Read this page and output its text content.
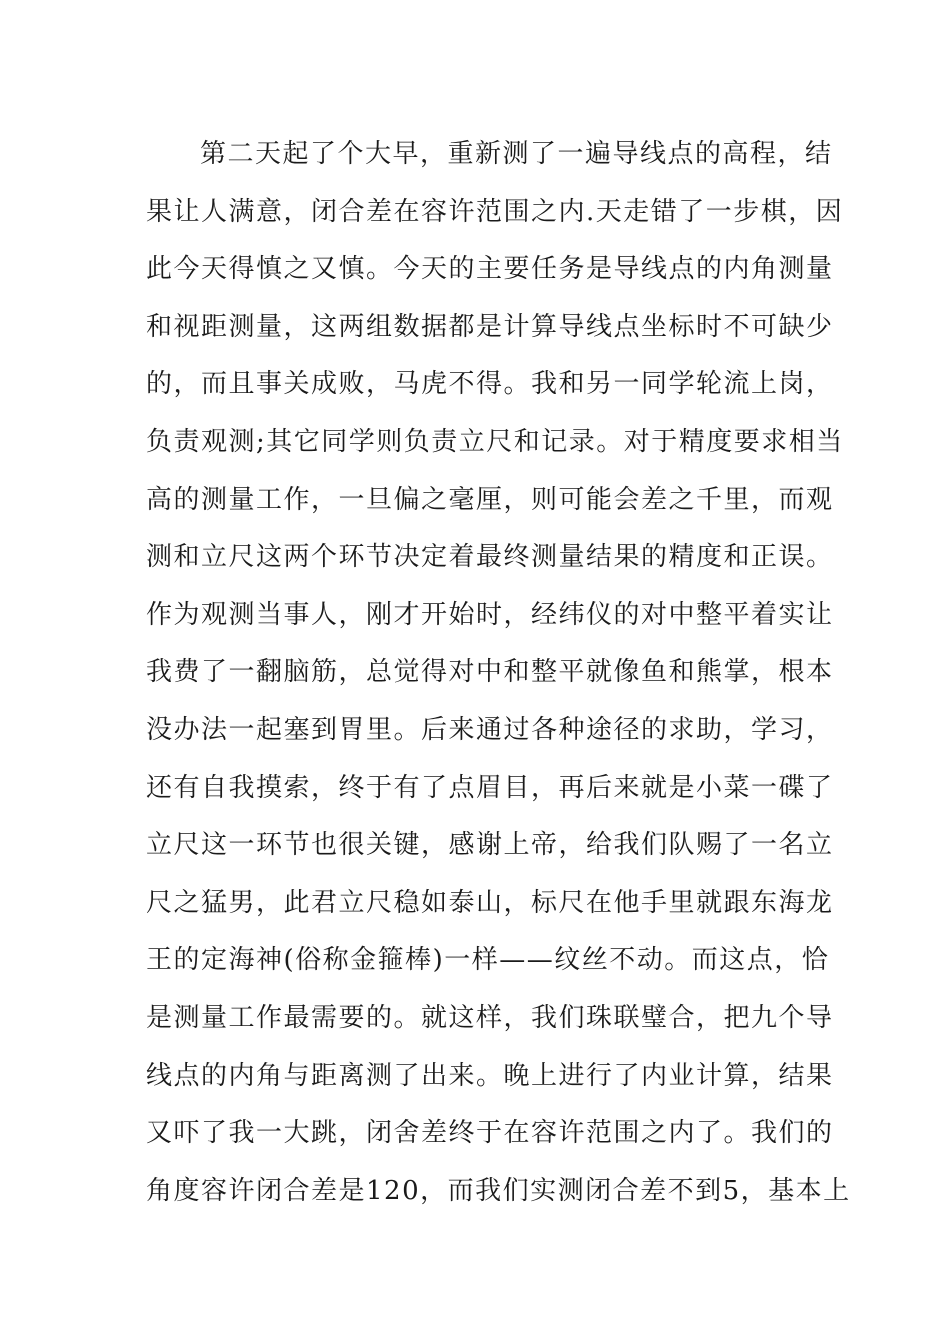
第二天起了个大早，重新测了一遍导线点的高程，结
果让人满意，闭合差在容许范围之内.天走错了一步棋，因
此今天得慎之又慎。今天的主要任务是导线点的内角测量
和视距测量，这两组数据都是计算导线点坐标时不可缺少
的，而且事关成败，马虎不得。我和另一同学轮流上岗，
负责观测;其它同学则负责立尺和记录。对于精度要求相当
高的测量工作，一旦偏之毫厘，则可能会差之千里，而观
测和立尺这两个环节决定着最终测量结果的精度和正误。
作为观测当事人，刚才开始时，经纬仪的对中整平着实让
我费了一翻脑筋，总觉得对中和整平就像鱼和熊掌，根本
没办法一起塞到胃里。后来通过各种途径的求助，学习，
还有自我摸索，终于有了点眉目，再后来就是小菜一碟了
立尺这一环节也很关键，感谢上帝，给我们队赐了一名立
尺之猛男，此君立尺稳如泰山，标尺在他手里就跟东海龙
王的定海神(俗称金箍棒)一样——纹丝不动。而这点，恰
是测量工作最需要的。就这样，我们珠联璧合，把九个导
线点的内角与距离测了出来。晚上进行了内业计算，结果
又吓了我一大跳，闭舍差终于在容许范围之内了。我们的
角度容许闭合差是120，而我们实测闭合差不到5，基本上
